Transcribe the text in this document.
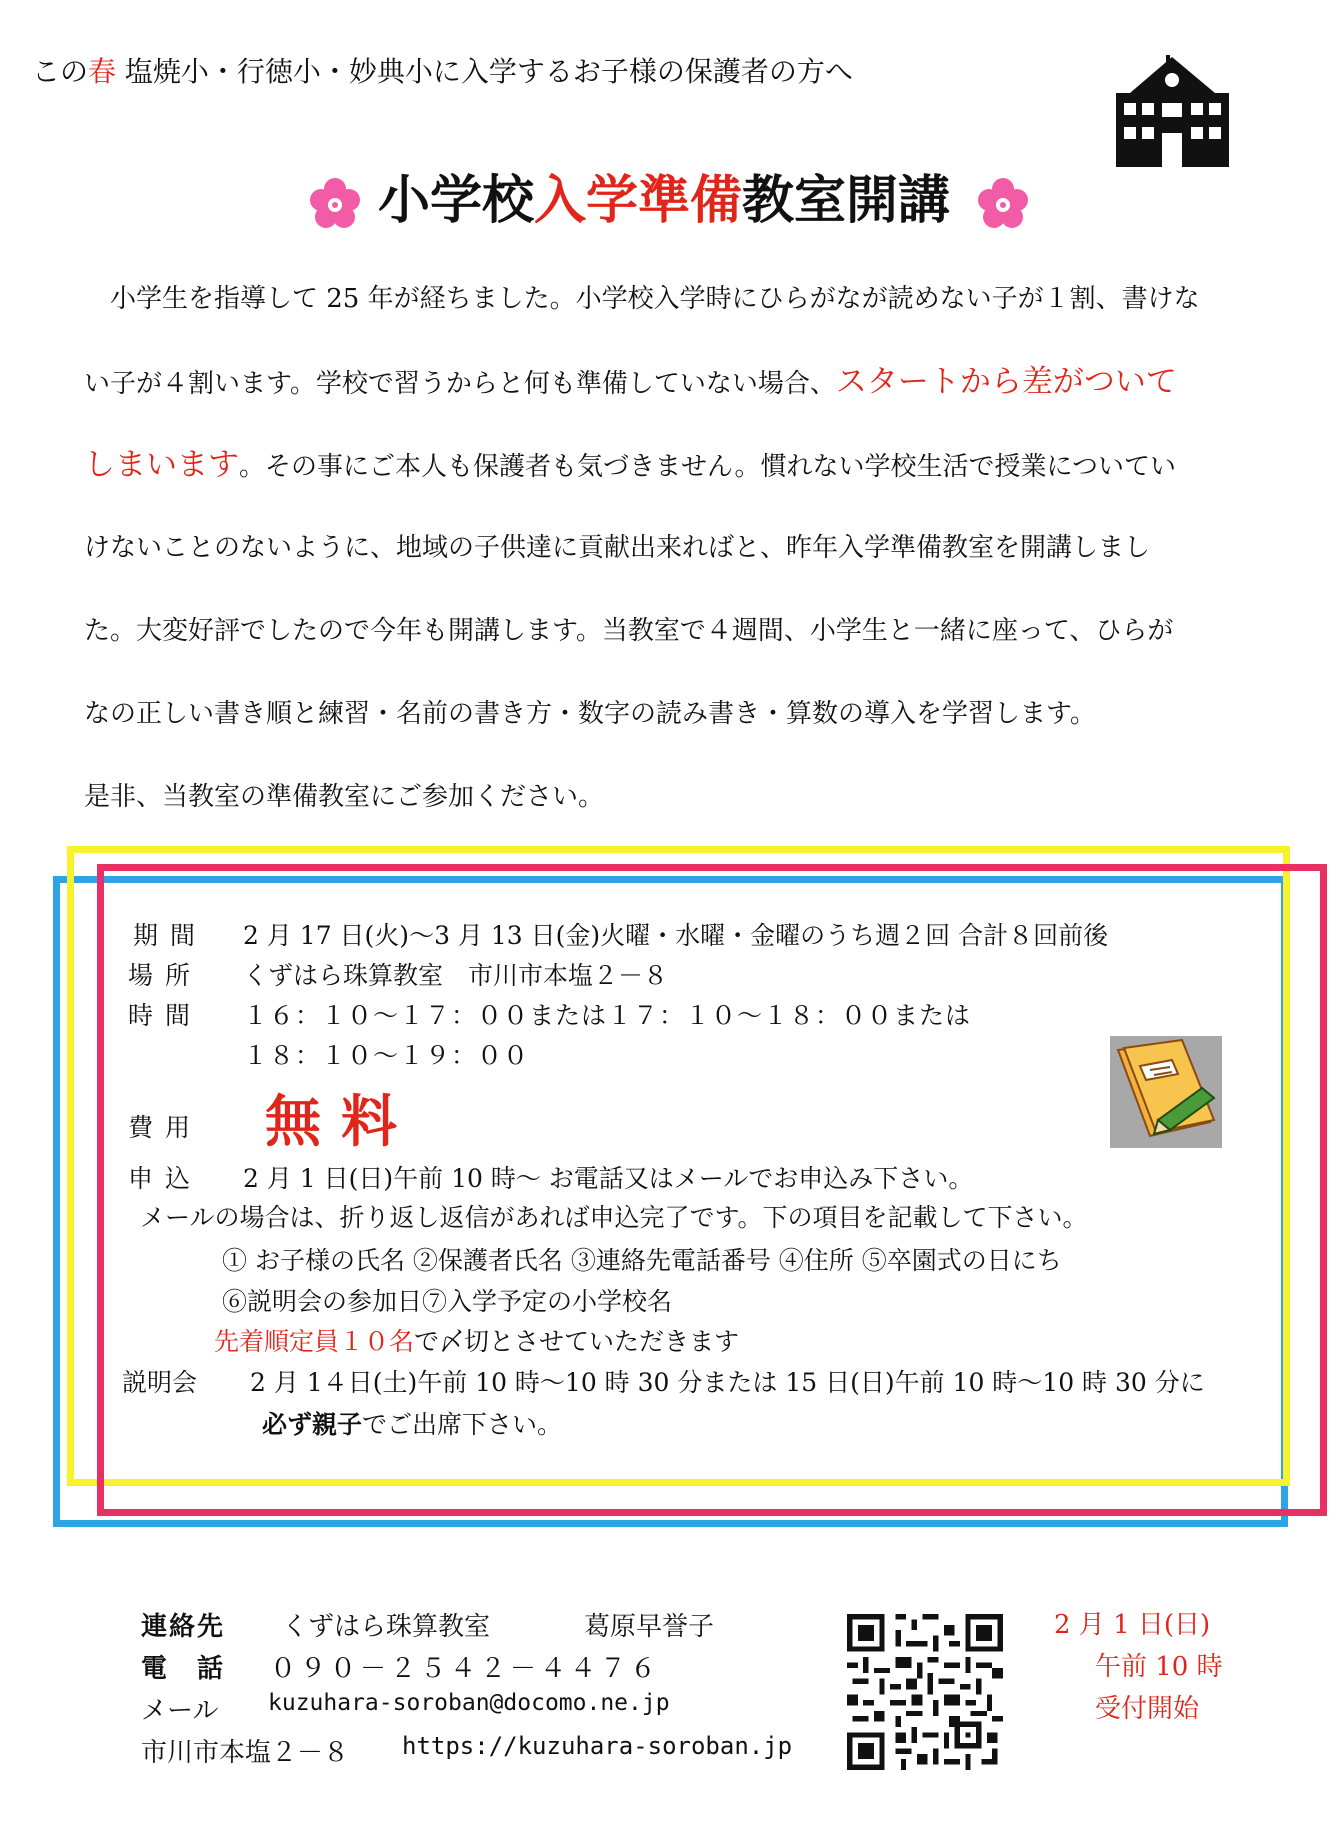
この春 塩焼小・行徳小・妙典小に入学するお子様の保護者の方へ
小学校入学準備教室開講
　小学生を指導して 25 年が経ちました。小学校入学時にひらがなが読めない子が１割、書けな
い子が４割います。学校で習うからと何も準備していない場合、スタートから差がついて
しまいます。その事にご本人も保護者も気づきません。慣れない学校生活で授業についてい
けないことのないように、地域の子供達に貢献出来ればと、昨年入学準備教室を開講しまし
た。大変好評でしたので今年も開講します。当教室で４週間、小学生と一緒に座って、ひらが
なの正しい書き順と練習・名前の書き方・数字の読み書き・算数の導入を学習します。
是非、当教室の準備教室にご参加ください。
期間 2 月 17 日(火)～3 月 13 日(金)火曜・水曜・金曜のうち週２回 合計８回前後
場所 くずはら珠算教室　市川市本塩２－８
時間 １６：１０～１７：００または１７：１０～１８：００または
１８：１０～１９：００
費用 無料
申込 2 月 1 日(日)午前 10 時～ お電話又はメールでお申込み下さい。
メールの場合は、折り返し返信があれば申込完了です。下の項目を記載して下さい。
① お子様の氏名 ②保護者氏名 ③連絡先電話番号 ④住所 ⑤卒園式の日にち
⑥説明会の参加日⑦入学予定の小学校名
先着順定員１０名で〆切とさせていただきます
説明会 2 月 1４日(土)午前 10 時～10 時 30 分または 15 日(日)午前 10 時～10 時 30 分に
必ず親子でご出席下さい。
連絡先 くずはら珠算教室	葛原早誉子
電　話 ０９０－２５４２－４４７６
メール kuzuhara-soroban@docomo.ne.jp
市川市本塩２－８ https://kuzuhara-soroban.jp
2 月 1 日(日)
午前 10 時
受付開始
